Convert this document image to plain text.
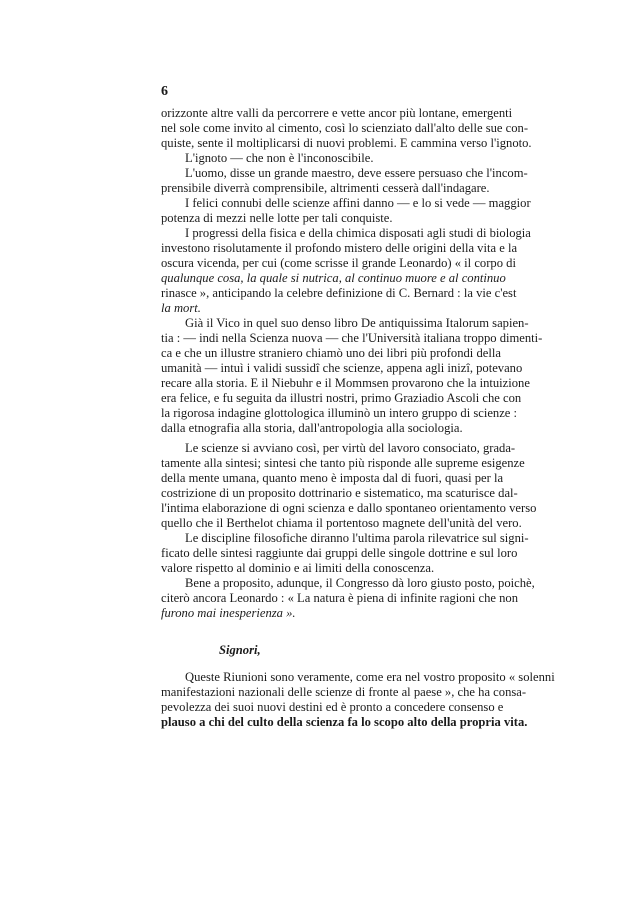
6
orizzonte altre valli da percorrere e vette ancor più lontane, emergenti
nel sole come invito al cimento, così lo scienziato dall'alto delle sue con-
quiste, sente il moltiplicarsi di nuovi problemi. E cammina verso l'ignoto.
L'ignoto — che non è l'inconoscibile.
L'uomo, disse un grande maestro, deve essere persuaso che l'incom-
prensibile diverrà comprensibile, altrimenti cesserà dall'indagare.
I felici connubi delle scienze affini danno — e lo si vede — maggior
potenza di mezzi nelle lotte per tali conquiste.
I progressi della fisica e della chimica disposati agli studi di biologia
investono risolutamente il profondo mistero delle origini della vita e la
oscura vicenda, per cui (come scrisse il grande Leonardo) « il corpo di
qualunque cosa, la quale si nutrica, al continuo muore e al continuo
rinasce », anticipando la celebre definizione di C. Bernard : la vie c'est
la mort.
Già il Vico in quel suo denso libro De antiquissima Italorum sapien-
tia : — indi nella Scienza nuova — che l'Università italiana troppo dimenti-
ca e che un illustre straniero chiamò uno dei libri più profondi della
umanità — intuì i validi sussidî che scienze, appena agli inizî, potevano
recare alla storia. E il Niebuhr e il Mommsen provarono che la intuizione
era felice, e fu seguita da illustri nostri, primo Graziadio Ascoli che con
la rigorosa indagine glottologica illuminò un intero gruppo di scienze :
dalla etnografia alla storia, dall'antropologia alla sociologia.
Le scienze si avviano così, per virtù del lavoro consociato, grada-
tamente alla sintesi; sintesi che tanto più risponde alle supreme esigenze
della mente umana, quanto meno è imposta dal di fuori, quasi per la
costrizione di un proposito dottrinario e sistematico, ma scaturisce dal-
l'intima elaborazione di ogni scienza e dallo spontaneo orientamento verso
quello che il Berthelot chiama il portentoso magnete dell'unità del vero.
Le discipline filosofiche diranno l'ultima parola rilevatrice sul signi-
ficato delle sintesi raggiunte dai gruppi delle singole dottrine e sul loro
valore rispetto al dominio e ai limiti della conoscenza.
Bene a proposito, adunque, il Congresso dà loro giusto posto, poichè,
citerò ancora Leonardo : « La natura è piena di infinite ragioni che non
furono mai inesperienza ».
Signori,
Queste Riunioni sono veramente, come era nel vostro proposito « solenni
manifestazioni nazionali delle scienze di fronte al paese », che ha consa-
pevolezza dei suoi nuovi destini ed è pronto a concedere consenso e
plauso a chi del culto della scienza fa lo scopo alto della propria vita.
